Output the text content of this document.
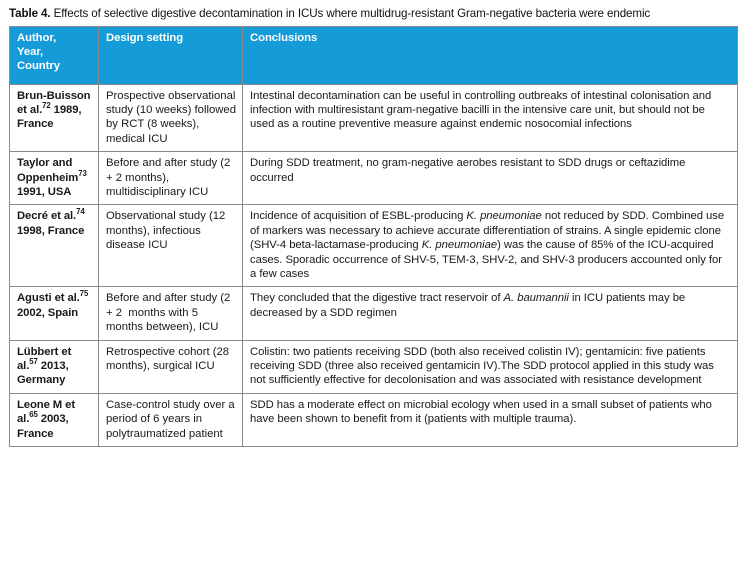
Table 4. Effects of selective digestive decontamination in ICUs where multidrug-resistant Gram-negative bacteria were endemic

Author,
Year,
Country	Design setting	Conclusions
Brun-Buisson et al.$^{72}$ 1989, France	Prospective observational study (10 weeks) followed by RCT (8 weeks), medical ICU	Intestinal decontamination can be useful in controlling outbreaks of intestinal colonisation and infection with multiresistant gram-negative bacilli in the intensive care unit, but should not be used as a routine preventive measure against endemic nosocomial infections
Taylor and Oppenheim$^{73}$ 1991, USA	Before and after study (2 + 2 months), multidisciplinary ICU	During SDD treatment, no gram-negative aerobes resistant to SDD drugs or ceftazidime occurred
Decré et al.$^{74}$ 1998, France	Observational study (12 months), infectious disease ICU	Incidence of acquisition of ESBL-producing K. pneumoniae not reduced by SDD. Combined use of markers was necessary to achieve accurate differentiation of strains. A single epidemic clone (SHV-4 beta-lactamase-producing K. pneumoniae) was the cause of 85% of the ICU-acquired cases. Sporadic occurrence of SHV-5, TEM-3, SHV-2, and SHV-3 producers accounted only for a few cases
Agusti et al.$^{75}$ 2002, Spain	Before and after study (2 + 2  months with 5 months between), ICU	They concluded that the digestive tract reservoir of A. baumannii in ICU patients may be decreased by a SDD regimen
Lübbert et al.$^{57}$ 2013, Germany	Retrospective cohort (28 months), surgical ICU	Colistin: two patients receiving SDD (both also received colistin IV); gentamicin: five patients receiving SDD (three also received gentamicin IV).The SDD protocol applied in this study was not sufficiently effective for decolonisation and was associated with resistance development
Leone M et al.$^{65}$ 2003, France	Case-control study over a period of 6 years in polytraumatized patient	SDD has a moderate effect on microbial ecology when used in a small subset of patients who have been shown to benefit from it (patients with multiple trauma).
